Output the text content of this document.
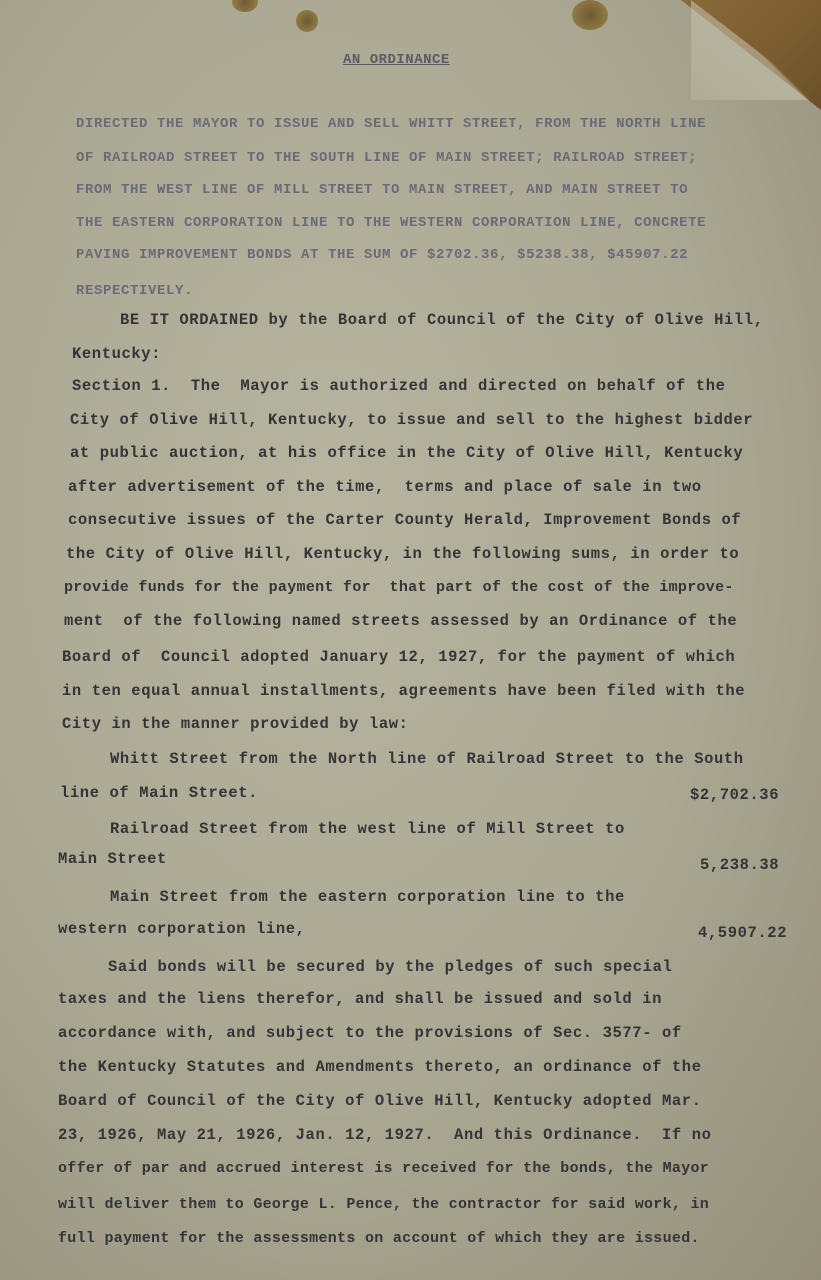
AN ORDINANCE
DIRECTED THE MAYOR TO ISSUE AND SELL WHITT STREET, FROM THE NORTH LINE
OF RAILROAD STREET TO THE SOUTH LINE OF MAIN STREET; RAILROAD STREET;
FROM THE WEST LINE OF MILL STREET TO MAIN STREET, AND MAIN STREET TO
THE EASTERN CORPORATION LINE TO THE WESTERN CORPORATION LINE, CONCRETE
PAVING IMPROVEMENT BONDS AT THE SUM OF $2702.36, $5238.38, $45907.22
RESPECTIVELY.
BE IT ORDAINED by the Board of Council of the City of Olive Hill,
Kentucky:
Section 1.  The  Mayor is authorized and directed on behalf of the
City of Olive Hill, Kentucky, to issue and sell to the highest bidder
at public auction, at his office in the City of Olive Hill, Kentucky
after advertisement of the time,  terms and place of sale in two
consecutive issues of the Carter County Herald, Improvement Bonds of
the City of Olive Hill, Kentucky, in the following sums, in order to
provide funds for the payment for  that part of the cost of the improve-
ment  of the following named streets assessed by an Ordinance of the
Board of  Council adopted January 12, 1927, for the payment of which
in ten equal annual installments, agreements have been filed with the
City in the manner provided by law:
Whitt Street from the North line of Railroad Street to the South
line of Main Street.	$2,702.36
Railroad Street from the west line of Mill Street to
Main Street	5,238.38
Main Street from the eastern corporation line to the
western corporation line,	4,5907.22
Said bonds will be secured by the pledges of such special
taxes and the liens therefor, and shall be issued and sold in
accordance with, and subject to the provisions of Sec. 3577- of
the Kentucky Statutes and Amendments thereto, an ordinance of the
Board of Council of the City of Olive Hill, Kentucky adopted Mar.
23, 1926, May 21, 1926, Jan. 12, 1927.  And this Ordinance.  If no
offer of par and accrued interest is received for the bonds, the Mayor
will deliver them to George L. Pence, the contractor for said work, in
full payment for the assessments on account of which they are issued.
